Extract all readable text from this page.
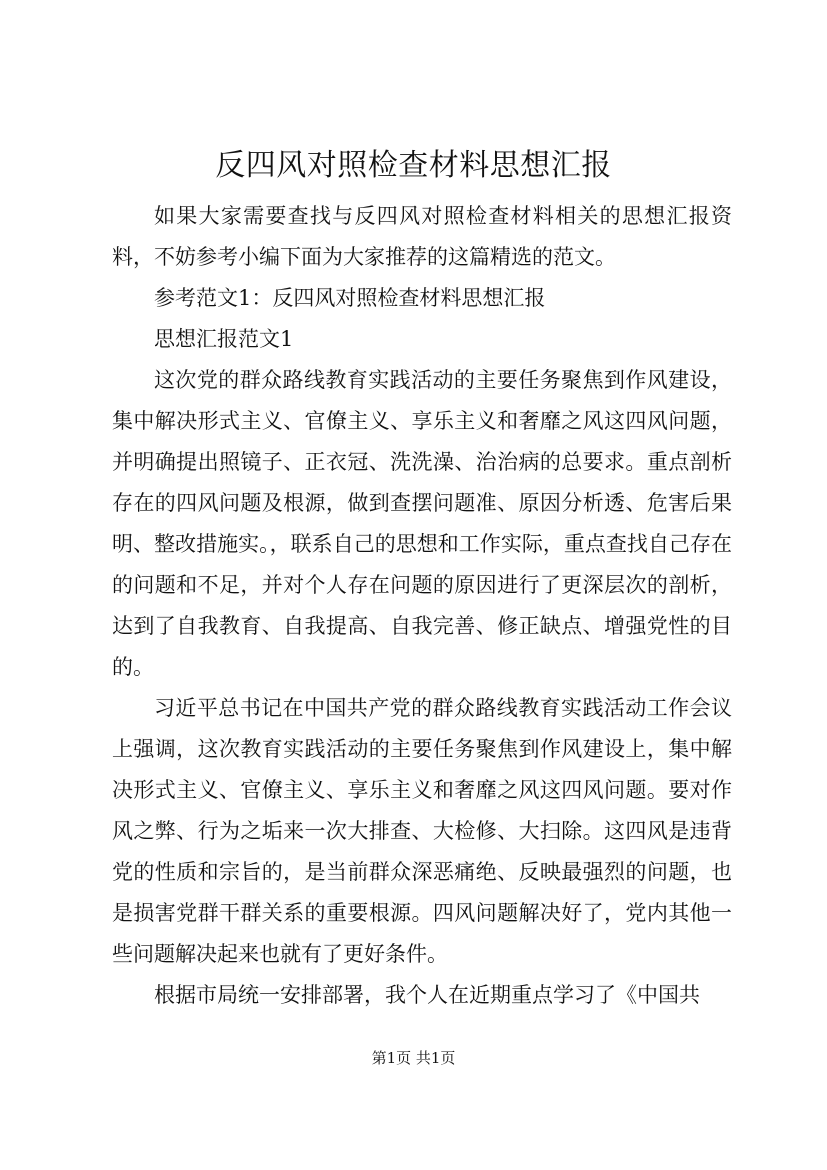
反四风对照检查材料思想汇报

如果大家需要查找与反四风对照检查材料相关的思想汇报资料，不妨参考小编下面为大家推荐的这篇精选的范文。

参考范文1：反四风对照检查材料思想汇报

思想汇报范文1

这次党的群众路线教育实践活动的主要任务聚焦到作风建设，集中解决形式主义、官僚主义、享乐主义和奢靡之风这四风问题，并明确提出照镜子、正衣冠、洗洗澡、治治病的总要求。重点剖析存在的四风问题及根源，做到查摆问题准、原因分析透、危害后果明、整改措施实。，联系自己的思想和工作实际，重点查找自己存在的问题和不足，并对个人存在问题的原因进行了更深层次的剖析，达到了自我教育、自我提高、自我完善、修正缺点、增强党性的目的。

习近平总书记在中国共产党的群众路线教育实践活动工作会议上强调，这次教育实践活动的主要任务聚焦到作风建设上，集中解决形式主义、官僚主义、享乐主义和奢靡之风这四风问题。要对作风之弊、行为之垢来一次大排查、大检修、大扫除。这四风是违背党的性质和宗旨的，是当前群众深恶痛绝、反映最强烈的问题，也是损害党群干群关系的重要根源。四风问题解决好了，党内其他一些问题解决起来也就有了更好条件。

根据市局统一安排部署，我个人在近期重点学习了《中国共

第1页 共1页
